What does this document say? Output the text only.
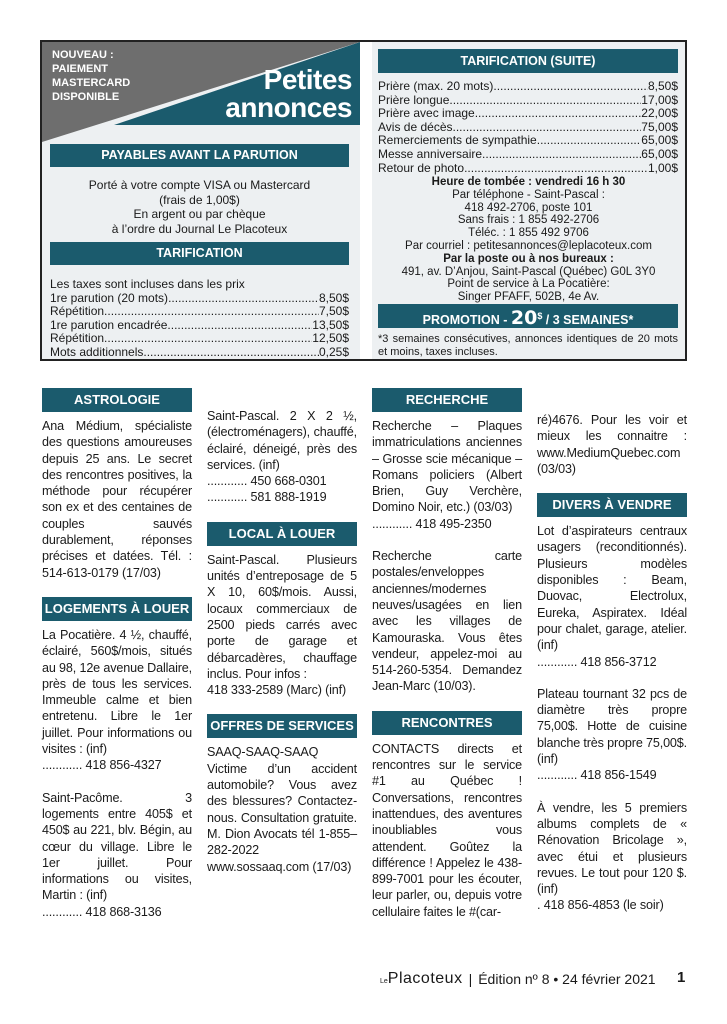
NOUVEAU :
PAIEMENT
MASTERCARD
DISPONIBLE
Petites
annonces
PAYABLES AVANT LA PARUTION
Porté à votre compte VISA ou Mastercard
(frais de 1,00$)
En argent ou par chèque
à l’ordre du Journal Le Placoteux
TARIFICATION
Les taxes sont incluses dans les prix
1re parution (20 mots) .....	8,50$
Répétition .....	7,50$
1re parution encadrée .....	13,50$
Répétition .....	12,50$
Mots additionnels .....	0,25$
TARIFICATION (SUITE)
Prière (max. 20 mots) .....	8,50$
Prière longue .....	17,00$
Prière avec image .....	22,00$
Avis de décès .....	75,00$
Remerciements de sympathie .....	65,00$
Messe anniversaire .....	65,00$
Retour de photo .....	1,00$
Heure de tombée : vendredi 16 h 30
Par téléphone - Saint-Pascal :
418 492-2706, poste 101
Sans frais : 1 855 492-2706
Téléc. : 1 855 492 9706
Par courriel : petitesannonces@leplacoteux.com
Par la poste ou à nos bureaux :
491, av. D’Anjou, Saint-Pascal (Québec) G0L 3Y0
Point de service à La Pocatière:
Singer PFAFF, 502B, 4e Av.
PROMOTION - 20$ / 3 SEMAINES*
*3 semaines consécutives, annonces identiques de 20 mots et moins, taxes incluses.
ASTROLOGIE
Ana Médium, spécialiste des questions amoureuses depuis 25 ans. Le secret des rencontres positives, la méthode pour récupérer son ex et des centaines de couples sauvés durablement, réponses précises et datées. Tél. : 514-613-0179 (17/03)
LOGEMENTS À LOUER
La Pocatière. 4 ½, chauffé, éclairé, 560$/mois, situés au 98, 12e avenue Dallaire, près de tous les services. Immeuble calme et bien entretenu. Libre le 1er juillet. Pour informations ou visites : (inf)
............ 418 856-4327
Saint-Pacôme. 3 logements entre 405$ et 450$ au 221, blv. Bégin, au cœur du village. Libre le 1er juillet. Pour informations ou visites, Martin : (inf)
............ 418 868-3136
Saint-Pascal. 2 X 2 ½, (électroménagers), chauffé, éclairé, déneigé, près des services. (inf)
............ 450 668-0301
............ 581 888-1919
LOCAL À LOUER
Saint-Pascal. Plusieurs unités d’entreposage de 5 X 10, 60$/mois. Aussi, locaux commerciaux de 2500 pieds carrés avec porte de garage et débarcadères, chauffage inclus. Pour infos :
418 333-2589 (Marc) (inf)
OFFRES DE SERVICES
SAAQ-SAAQ-SAAQ Victime d’un accident automobile? Vous avez des blessures? Contactez-nous. Consultation gratuite. M. Dion Avocats tél 1-855–282-2022 www.sossaaq.com (17/03)
RECHERCHE
Recherche – Plaques immatriculations anciennes – Grosse scie mécanique – Romans policiers (Albert Brien, Guy Verchère, Domino Noir, etc.) (03/03)
............ 418 495-2350
Recherche carte postales/enveloppes anciennes/modernes neuves/usagées en lien avec les villages de Kamouraska. Vous êtes vendeur, appelez-moi au 514-260-5354. Demandez Jean-Marc (10/03).
RENCONTRES
CONTACTS directs et rencontres sur le service #1 au Québec ! Conversations, rencontres inattendues, des aventures inoubliables vous attendent. Goûtez la différence ! Appelez le 438-899-7001 pour les écouter, leur parler, ou, depuis votre cellulaire faites le #(car-
ré)4676. Pour les voir et mieux les connaitre : www.MediumQuebec.com (03/03)
DIVERS À VENDRE
Lot d’aspirateurs centraux usagers (reconditionnés). Plusieurs modèles disponibles : Beam, Duovac, Electrolux, Eureka, Aspiratex. Idéal pour chalet, garage, atelier. (inf)
............ 418 856-3712
Plateau tournant 32 pcs de diamètre très propre 75,00$. Hotte de cuisine blanche très propre 75,00$. (inf)
............ 418 856-1549
À vendre, les 5 premiers albums complets de « Rénovation Bricolage », avec étui et plusieurs revues. Le tout pour 120 $. (inf)
. 418 856-4853 (le soir)
LePlacoteux | Édition nº 8 • 24 février 2021 1
